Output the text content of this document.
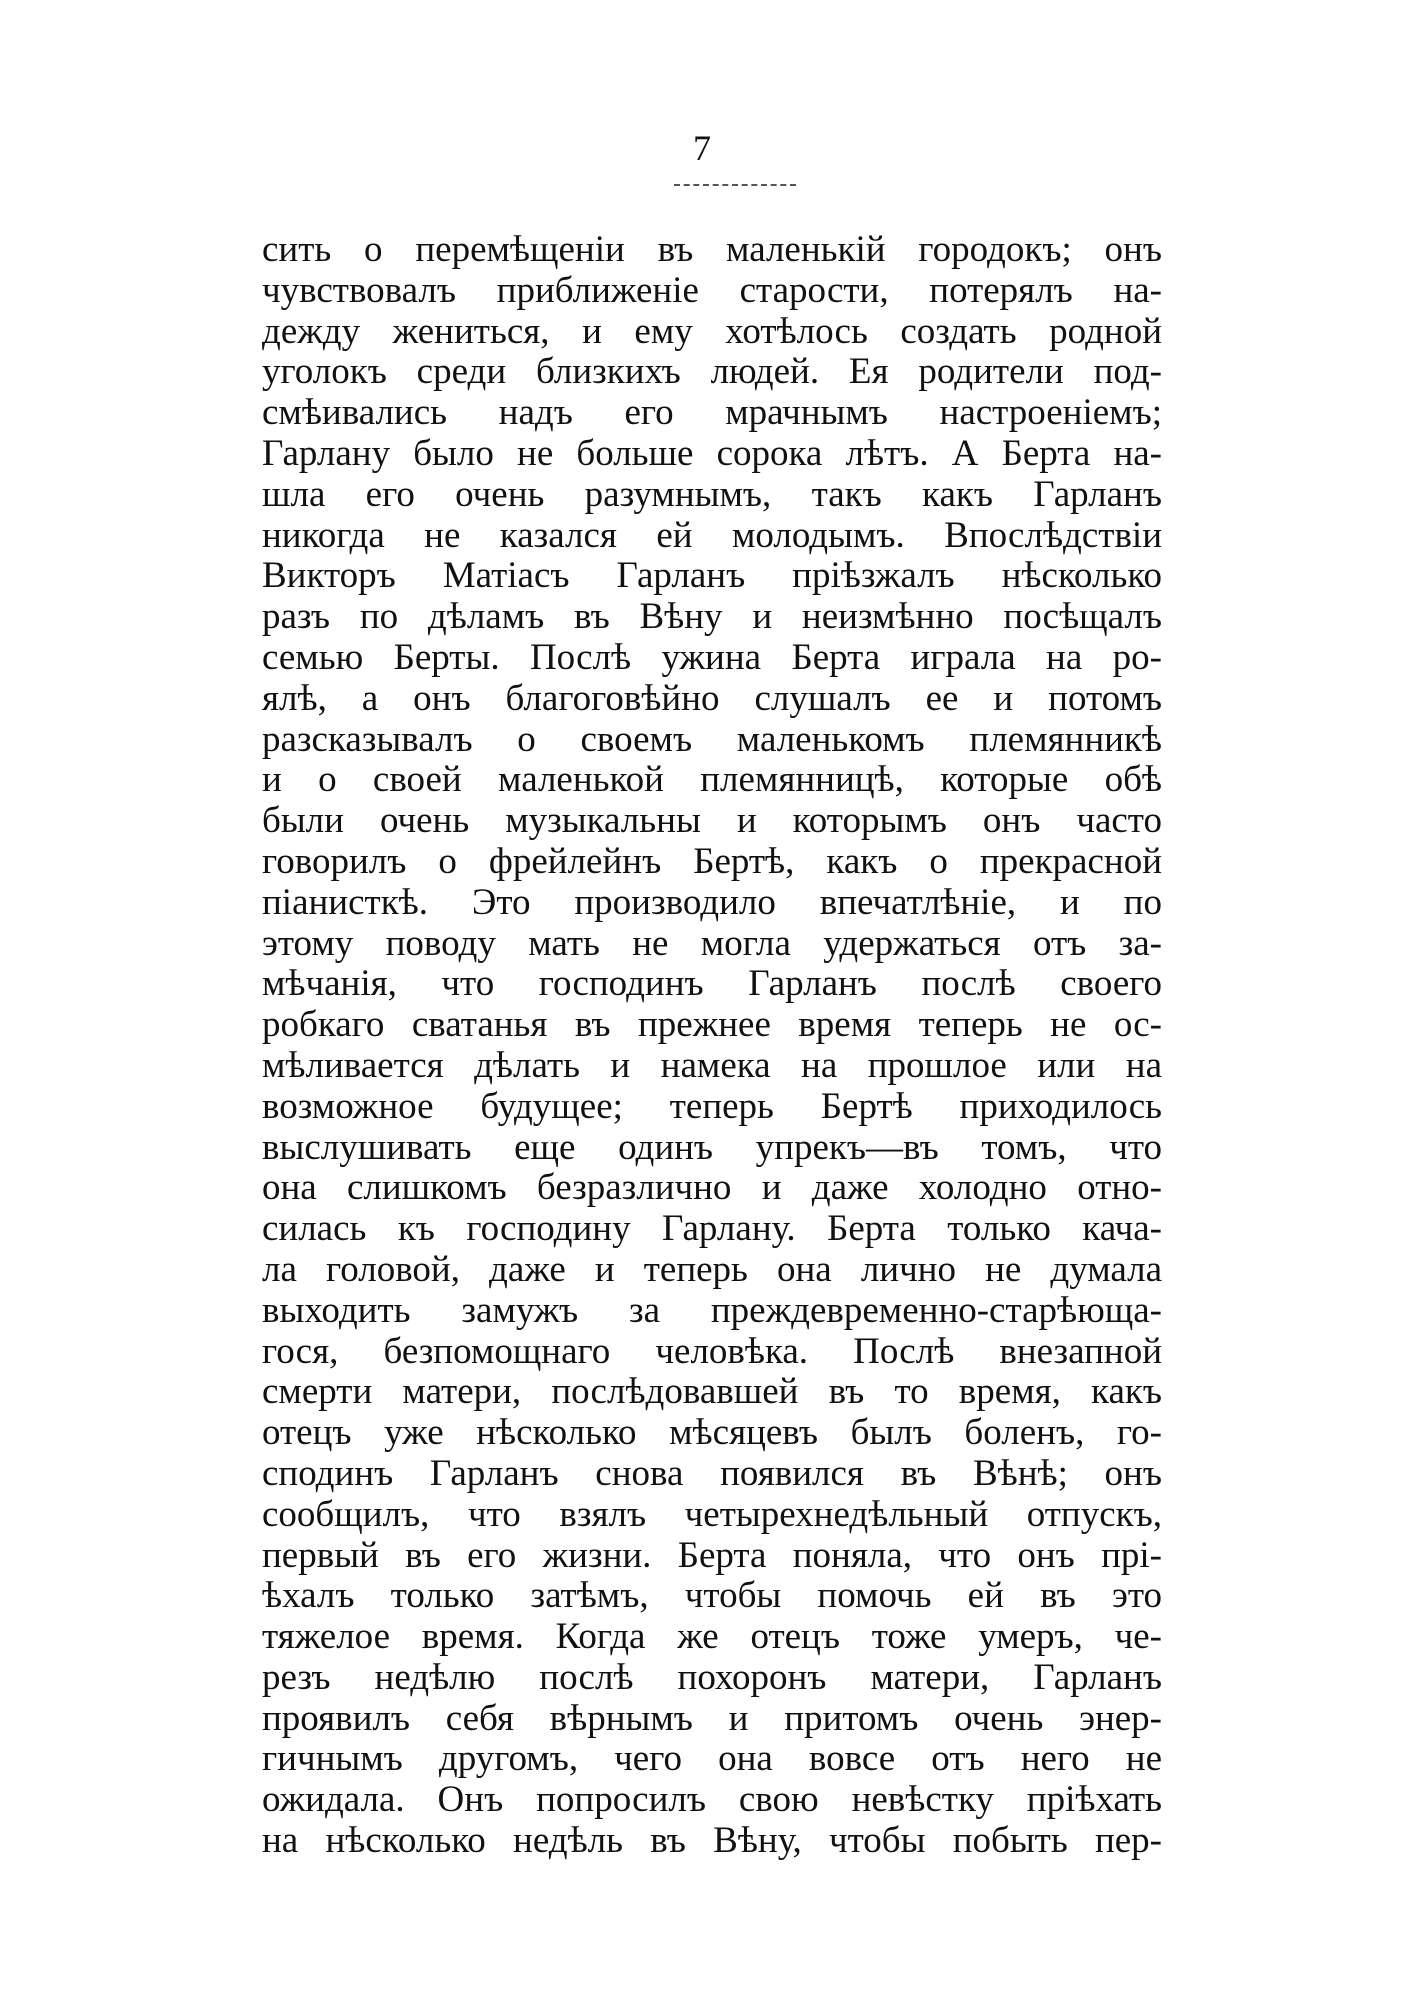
7
сить о перемѣщеніи въ маленькій городокъ; онъ
чувствовалъ приближеніе старости, потерялъ на-
дежду жениться, и ему хотѣлось создать родной
уголокъ среди близкихъ людей. Ея родители под-
смѣивались надъ его мрачнымъ настроеніемъ;
Гарлану было не больше сорока лѣтъ. А Берта на-
шла его очень разумнымъ, такъ какъ Гарланъ
никогда не казался ей молодымъ. Впослѣдствіи
Викторъ Матіасъ Гарланъ пріѣзжалъ нѣсколько
разъ по дѣламъ въ Вѣну и неизмѣнно посѣщалъ
семью Берты. Послѣ ужина Берта играла на ро-
ялѣ, а онъ благоговѣйно слушалъ ее и потомъ
разсказывалъ о своемъ маленькомъ племянникѣ
и о своей маленькой племянницѣ, которые обѣ
были очень музыкальны и которымъ онъ часто
говорилъ о фрейлейнъ Бертѣ, какъ о прекрасной
піанисткѣ. Это производило впечатлѣніе, и по
этому поводу мать не могла удержаться отъ за-
мѣчанія, что господинъ Гарланъ послѣ своего
робкаго сватанья въ прежнее время теперь не ос-
мѣливается дѣлать и намека на прошлое или на
возможное будущее; теперь Бертѣ приходилось
выслушивать еще одинъ упрекъ—въ томъ, что
она слишкомъ безразлично и даже холодно отно-
силась къ господину Гарлану. Берта только кача-
ла головой, даже и теперь она лично не думала
выходить замужъ за преждевременно-старѣюща-
гося, безпомощнаго человѣка. Послѣ внезапной
смерти матери, послѣдовавшей въ то время, какъ
отецъ уже нѣсколько мѣсяцевъ былъ боленъ, го-
сподинъ Гарланъ снова появился въ Вѣнѣ; онъ
сообщилъ, что взялъ четырехнедѣльный отпускъ,
первый въ его жизни. Берта поняла, что онъ прі-
ѣхалъ только затѣмъ, чтобы помочь ей въ это
тяжелое время. Когда же отецъ тоже умеръ, че-
резъ недѣлю послѣ похоронъ матери, Гарланъ
проявилъ себя вѣрнымъ и притомъ очень энер-
гичнымъ другомъ, чего она вовсе отъ него не
ожидала. Онъ попросилъ свою невѣстку пріѣхать
на нѣсколько недѣль въ Вѣну, чтобы побыть пер-
